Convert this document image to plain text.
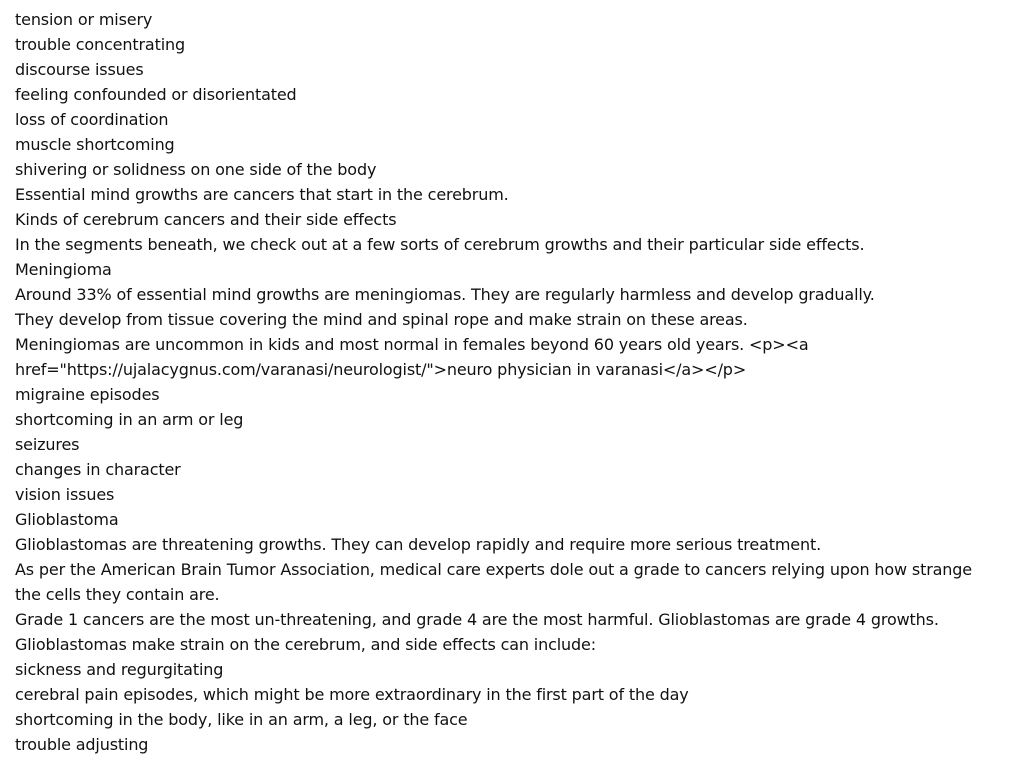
tension or misery
trouble concentrating
discourse issues
feeling confounded or disorientated
loss of coordination
muscle shortcoming
shivering or solidness on one side of the body
Essential mind growths are cancers that start in the cerebrum.
Kinds of cerebrum cancers and their side effects
In the segments beneath, we check out at a few sorts of cerebrum growths and their particular side effects.
Meningioma
Around 33% of essential mind growths are meningiomas. They are regularly harmless and develop gradually.
They develop from tissue covering the mind and spinal rope and make strain on these areas.
Meningiomas are uncommon in kids and most normal in females beyond 60 years old years. <p><a
href="https://ujalacygnus.com/varanasi/neurologist/">neuro physician in varanasi</a></p>
migraine episodes
shortcoming in an arm or leg
seizures
changes in character
vision issues
Glioblastoma
Glioblastomas are threatening growths. They can develop rapidly and require more serious treatment.
As per the American Brain Tumor Association, medical care experts dole out a grade to cancers relying upon how strange
the cells they contain are.
Grade 1 cancers are the most un-threatening, and grade 4 are the most harmful. Glioblastomas are grade 4 growths.
Glioblastomas make strain on the cerebrum, and side effects can include:
sickness and regurgitating
cerebral pain episodes, which might be more extraordinary in the first part of the day
shortcoming in the body, like in an arm, a leg, or the face
trouble adjusting
